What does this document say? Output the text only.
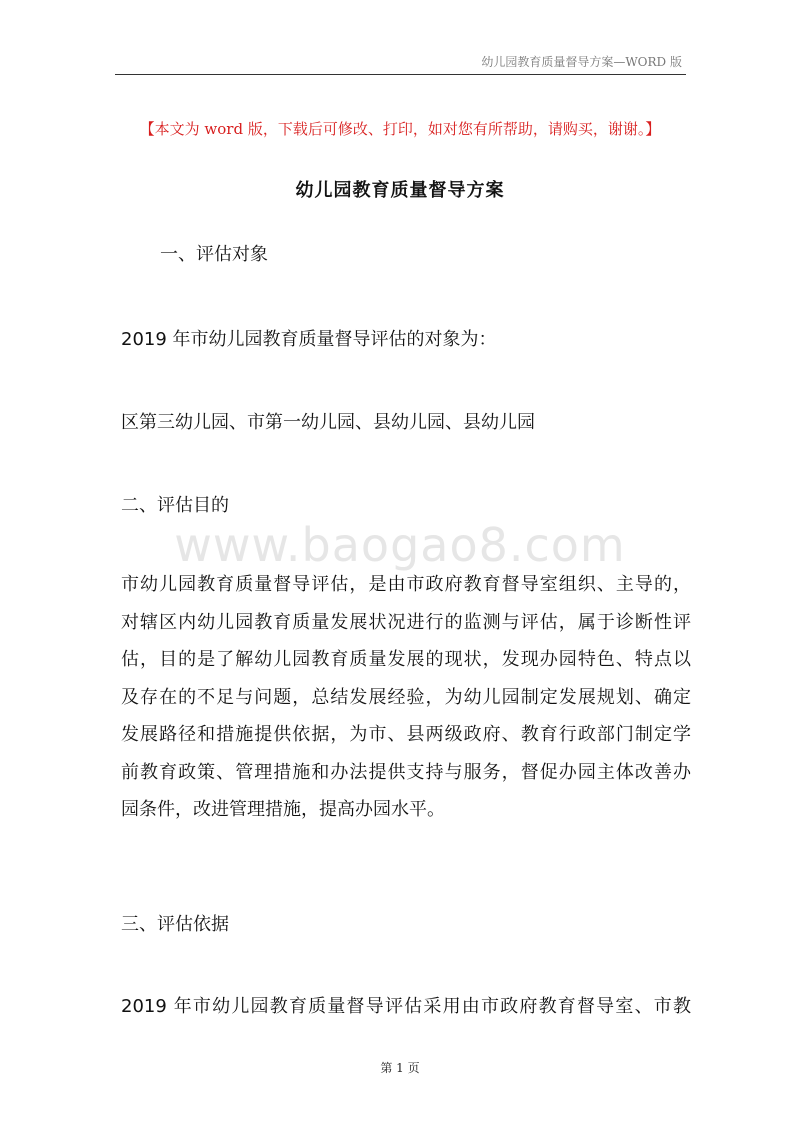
幼儿园教育质量督导方案—WORD 版
【本文为 word 版，下载后可修改、打印，如对您有所帮助，请购买，谢谢。】
幼儿园教育质量督导方案
一、评估对象
2019 年市幼儿园教育质量督导评估的对象为：
区第三幼儿园、市第一幼儿园、县幼儿园、县幼儿园
二、评估目的
www.baogao8.com
市幼儿园教育质量督导评估，是由市政府教育督导室组织、主导的，
对辖区内幼儿园教育质量发展状况进行的监测与评估，属于诊断性评
估，目的是了解幼儿园教育质量发展的现状，发现办园特色、特点以
及存在的不足与问题，总结发展经验，为幼儿园制定发展规划、确定
发展路径和措施提供依据，为市、县两级政府、教育行政部门制定学
前教育政策、管理措施和办法提供支持与服务，督促办园主体改善办
园条件，改进管理措施，提高办园水平。
三、评估依据
2019 年市幼儿园教育质量督导评估采用由市政府教育督导室、市教
第 1 页
